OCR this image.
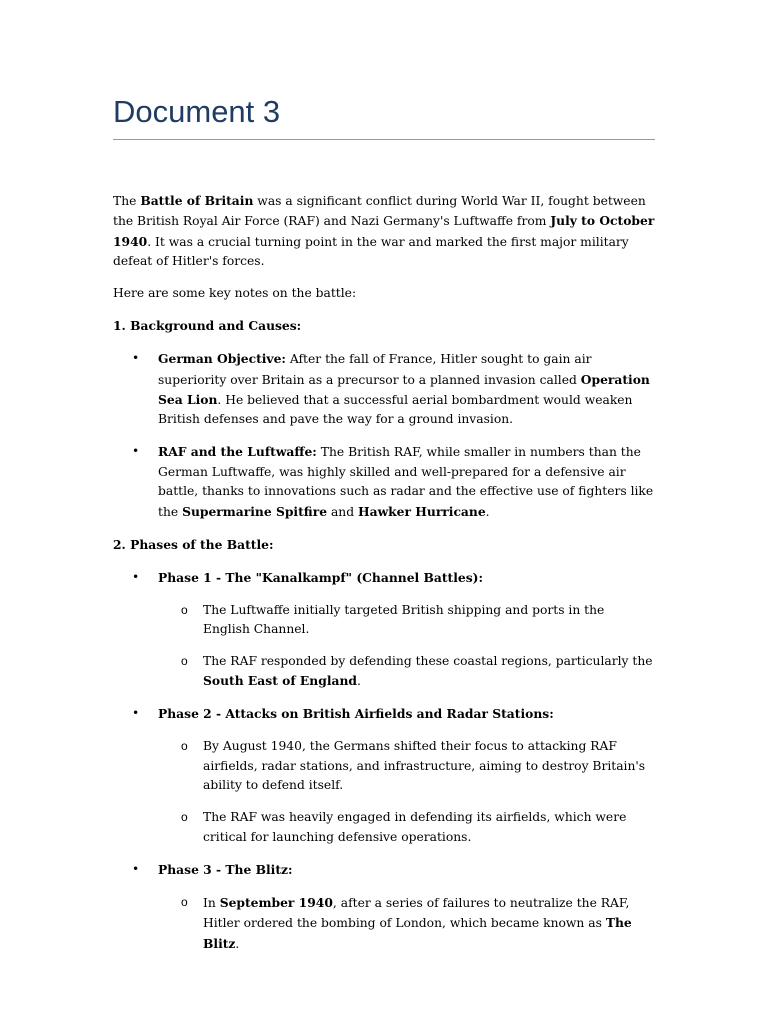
Document 3

The Battle of Britain was a significant conflict during World War II, fought between the British Royal Air Force (RAF) and Nazi Germany's Luftwaffe from July to October 1940. It was a crucial turning point in the war and marked the first major military defeat of Hitler's forces.

Here are some key notes on the battle:

1. Background and Causes:

• German Objective: After the fall of France, Hitler sought to gain air superiority over Britain as a precursor to a planned invasion called Operation Sea Lion. He believed that a successful aerial bombardment would weaken British defenses and pave the way for a ground invasion.
• RAF and the Luftwaffe: The British RAF, while smaller in numbers than the German Luftwaffe, was highly skilled and well-prepared for a defensive air battle, thanks to innovations such as radar and the effective use of fighters like the Supermarine Spitfire and Hawker Hurricane.

2. Phases of the Battle:

• Phase 1 - The "Kanalkampf" (Channel Battles):
o The Luftwaffe initially targeted British shipping and ports in the English Channel.
o The RAF responded by defending these coastal regions, particularly the South East of England.
• Phase 2 - Attacks on British Airfields and Radar Stations:
o By August 1940, the Germans shifted their focus to attacking RAF airfields, radar stations, and infrastructure, aiming to destroy Britain's ability to defend itself.
o The RAF was heavily engaged in defending its airfields, which were critical for launching defensive operations.
• Phase 3 - The Blitz:
o In September 1940, after a series of failures to neutralize the RAF, Hitler ordered the bombing of London, which became known as The Blitz.
